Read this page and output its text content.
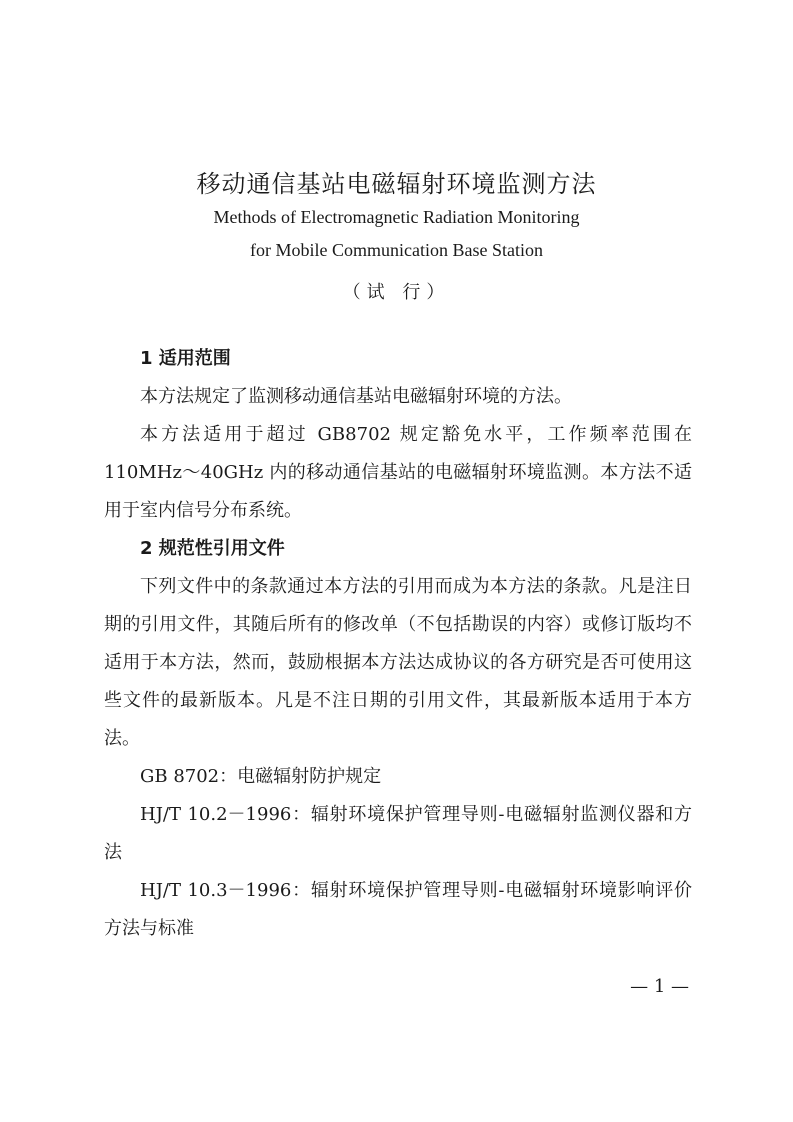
移动通信基站电磁辐射环境监测方法
Methods of Electromagnetic Radiation Monitoring
for Mobile Communication Base Station
（试 行）

1 适用范围

本方法规定了监测移动通信基站电磁辐射环境的方法。

本方法适用于超过 GB8702 规定豁免水平，工作频率范围在110MHz～40GHz 内的移动通信基站的电磁辐射环境监测。本方法不适用于室内信号分布系统。

2 规范性引用文件

下列文件中的条款通过本方法的引用而成为本方法的条款。凡是注日期的引用文件，其随后所有的修改单（不包括勘误的内容）或修订版均不适用于本方法，然而，鼓励根据本方法达成协议的各方研究是否可使用这些文件的最新版本。凡是不注日期的引用文件，其最新版本适用于本方法。

GB 8702：电磁辐射防护规定

HJ/T 10.2－1996：辐射环境保护管理导则-电磁辐射监测仪器和方法

HJ/T 10.3－1996：辐射环境保护管理导则-电磁辐射环境影响评价方法与标准

— 1 —
